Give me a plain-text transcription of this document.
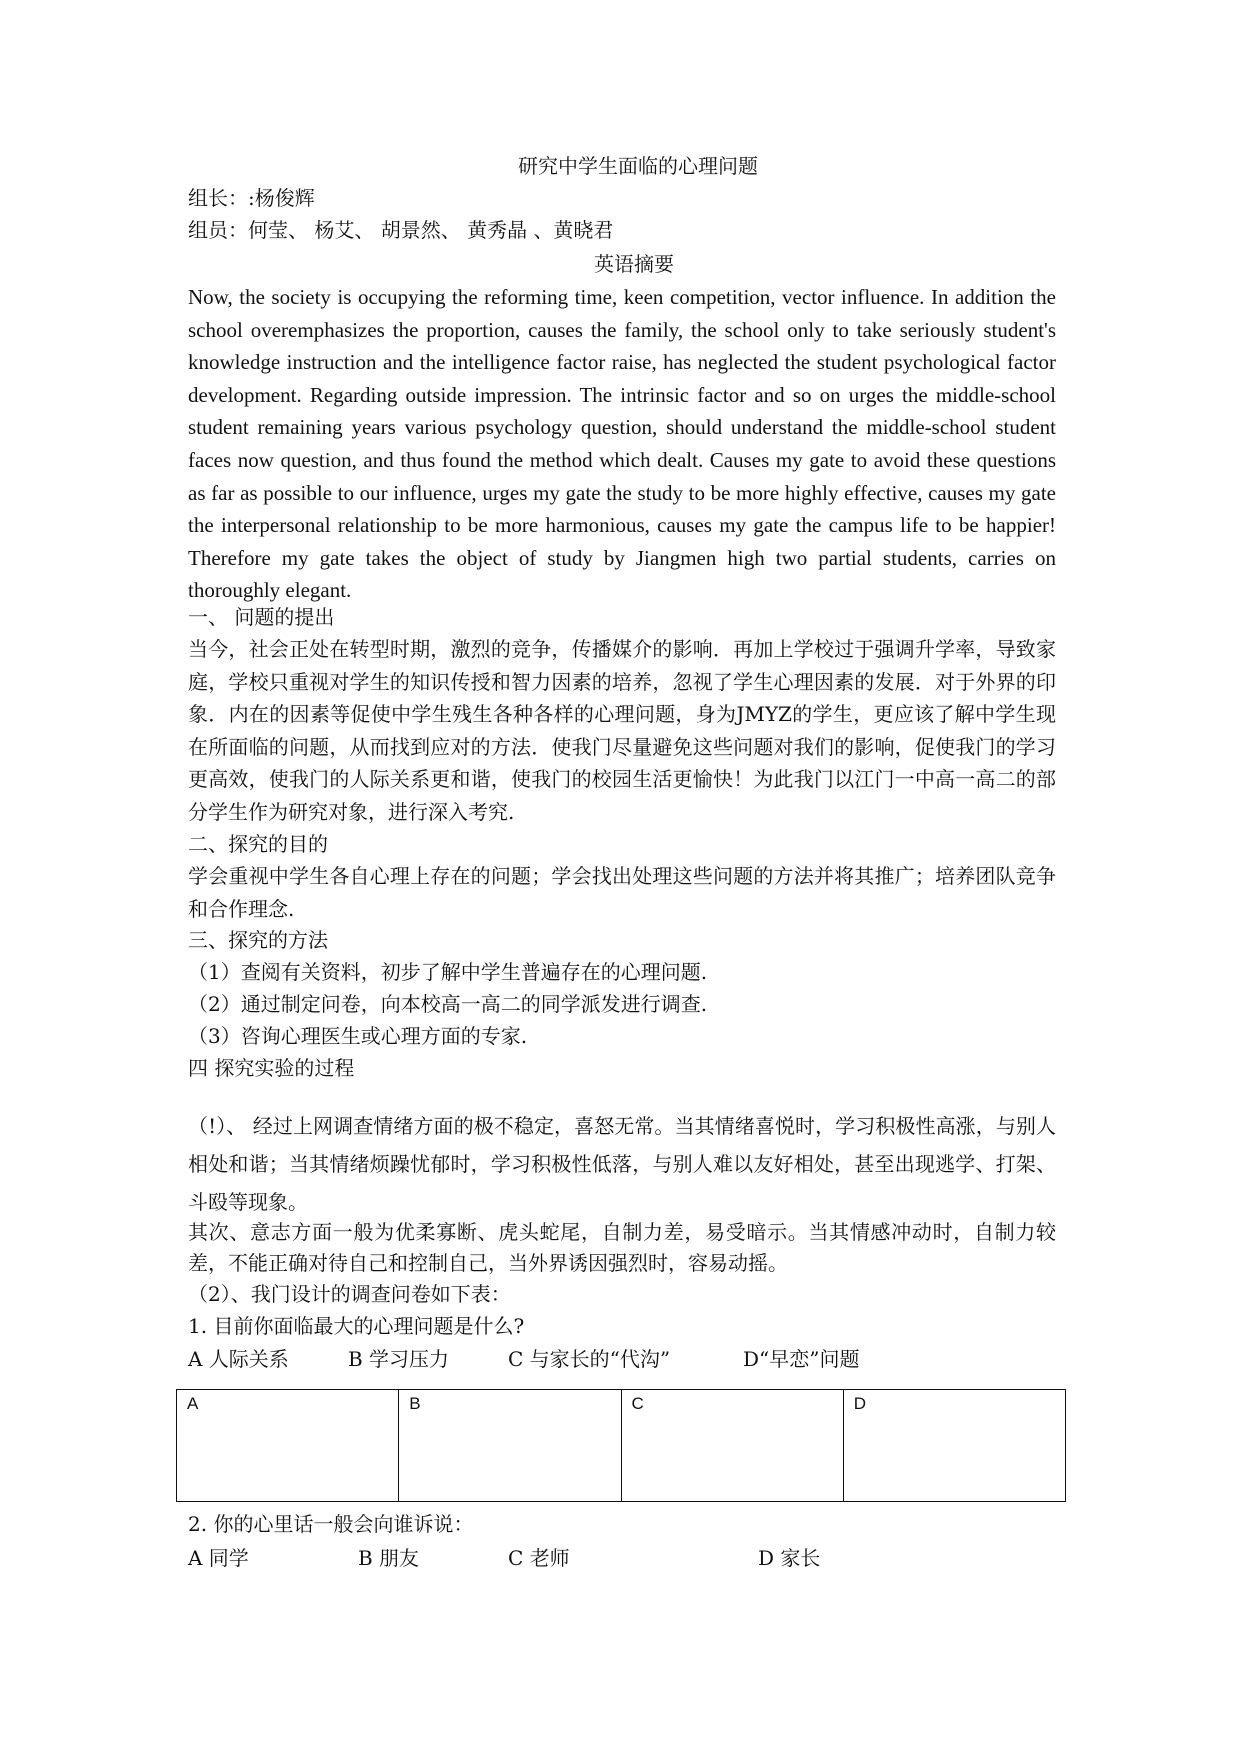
研究中学生面临的心理问题
组长：:杨俊辉
组员：何莹、 杨艾、 胡景然、 黄秀晶 、黄晓君
英语摘要
Now, the society is occupying the reforming time, keen competition, vector influence. In addition the school overemphasizes the proportion, causes the family, the school only to take seriously student's knowledge instruction and the intelligence factor raise, has neglected the student psychological factor development. Regarding outside impression. The intrinsic factor and so on urges the middle-school student remaining years various psychology question, should understand the middle-school student faces now question, and thus found the method which dealt. Causes my gate to avoid these questions as far as possible to our influence, urges my gate the study to be more highly effective, causes my gate the interpersonal relationship to be more harmonious, causes my gate the campus life to be happier! Therefore my gate takes the object of study by Jiangmen high two partial students, carries on thoroughly elegant.
一、 问题的提出
当今，社会正处在转型时期，激烈的竞争，传播媒介的影响．再加上学校过于强调升学率，导致家庭，学校只重视对学生的知识传授和智力因素的培养，忽视了学生心理因素的发展．对于外界的印象．内在的因素等促使中学生残生各种各样的心理问题，身为JMYZ的学生，更应该了解中学生现在所面临的问题，从而找到应对的方法．使我门尽量避免这些问题对我们的影响，促使我门的学习更高效，使我门的人际关系更和谐，使我门的校园生活更愉快！为此我门以江门一中高一高二的部分学生作为研究对象，进行深入考究.
二、探究的目的
学会重视中学生各自心理上存在的问题；学会找出处理这些问题的方法并将其推广；培养团队竞争和合作理念.
三、探究的方法
（1）查阅有关资料，初步了解中学生普遍存在的心理问题.
（2）通过制定问卷，向本校高一高二的同学派发进行调查.
（3）咨询心理医生或心理方面的专家.
四 探究实验的过程
（!）、 经过上网调查情绪方面的极不稳定，喜怒无常。当其情绪喜悦时，学习积极性高涨，与别人相处和谐；当其情绪烦躁忧郁时，学习积极性低落，与别人难以友好相处，甚至出现逃学、打架、斗殴等现象。
其次、意志方面一般为优柔寡断、虎头蛇尾，自制力差，易受暗示。当其情感冲动时，自制力较差，不能正确对待自己和控制自己，当外界诱因强烈时，容易动摇。
（2）、我门设计的调查问卷如下表：
1. 目前你面临最大的心理问题是什么?
A 人际关系	B 学习压力	C 与家长的“代沟”	D“早恋”问题
A	B	C	D
2. 你的心里话一般会向谁诉说：
A 同学	B 朋友	C 老师	D 家长
